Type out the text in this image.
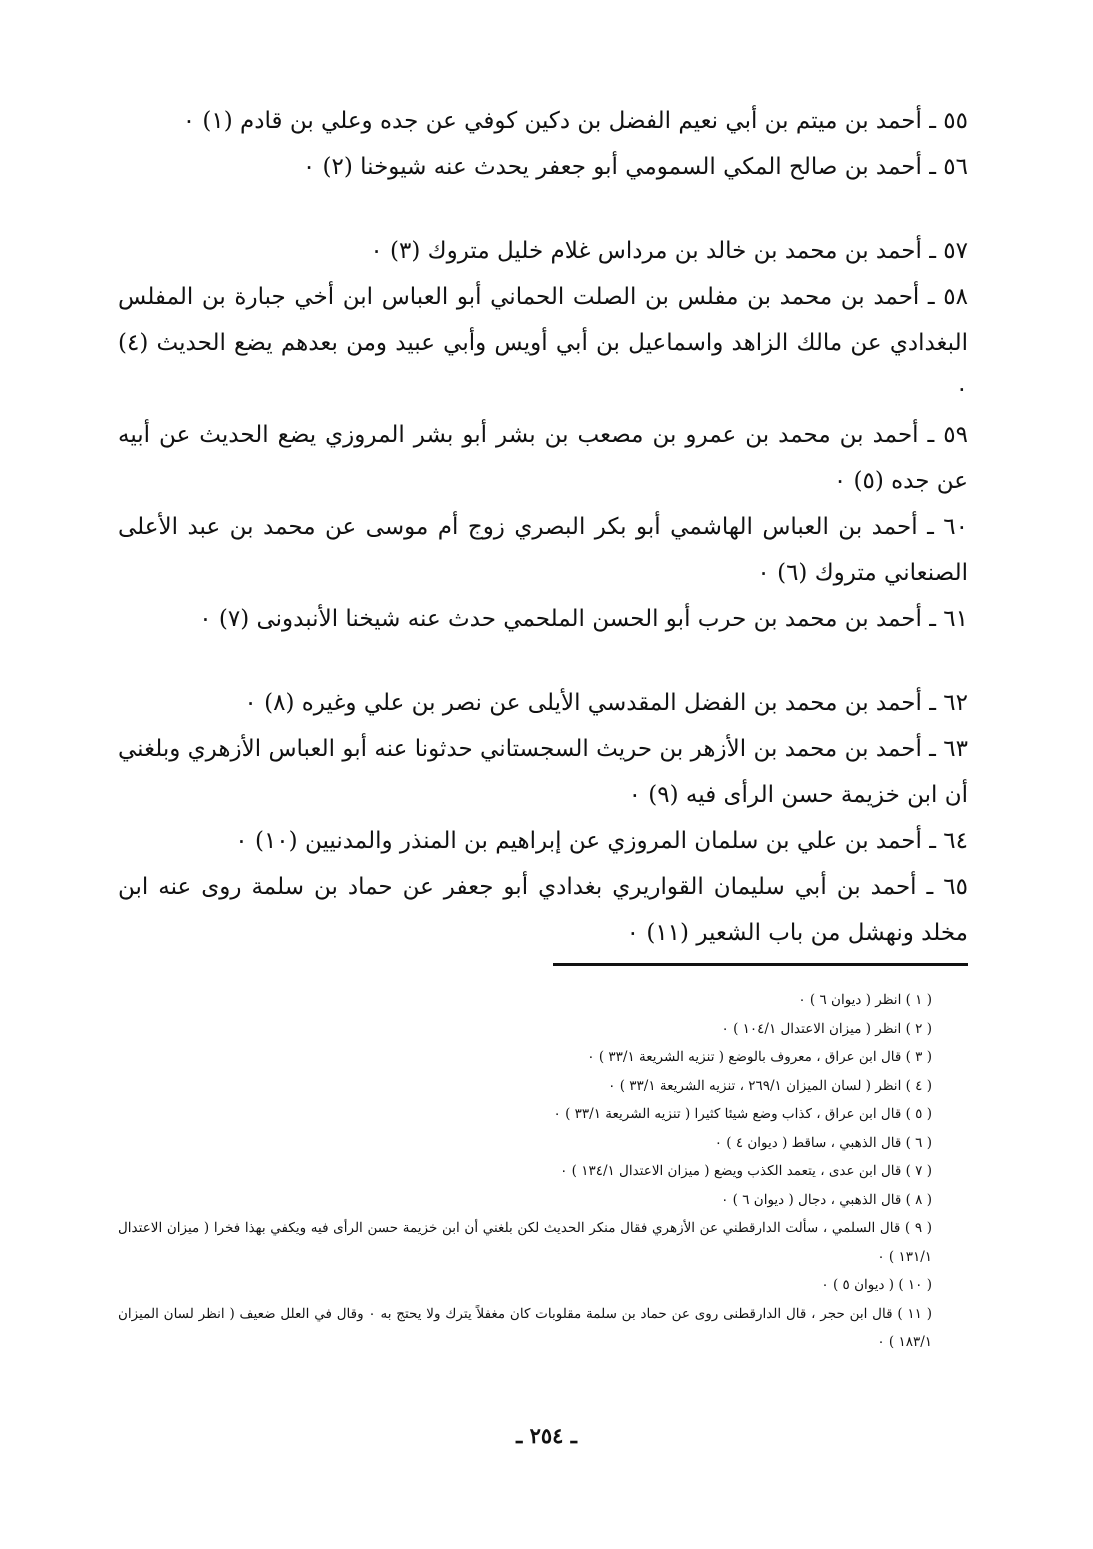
٥٥ ـ أحمد بن ميتم بن أبي نعيم الفضل بن دكين كوفي عن جده وعلي بن قادم (١) ٠

٥٦ ـ أحمد بن صالح المكي السمومي أبو جعفر يحدث عنه شيوخنا (٢) ٠

٥٧ ـ أحمد بن محمد بن خالد بن مرداس غلام خليل متروك (٣) ٠

٥٨ ـ أحمد بن محمد بن مفلس بن الصلت الحماني أبو العباس ابن أخي جبارة بن المفلس البغدادي عن مالك الزاهد واسماعيل بن أبي أويس وأبي عبيد ومن بعدهم يضع الحديث (٤) ٠

٥٩ ـ أحمد بن محمد بن عمرو بن مصعب بن بشر أبو بشر المروزي يضع الحديث عن أبيه عن جده (٥) ٠

٦٠ ـ أحمد بن العباس الهاشمي أبو بكر البصري زوج أم موسى عن محمد بن عبد الأعلى الصنعاني متروك (٦) ٠

٦١ ـ أحمد بن محمد بن حرب أبو الحسن الملحمي حدث عنه شيخنا الأنبدونى (٧) ٠

٦٢ ـ أحمد بن محمد بن الفضل المقدسي الأيلى عن نصر بن علي وغيره (٨) ٠

٦٣ ـ أحمد بن محمد بن الأزهر بن حريث السجستاني حدثونا عنه أبو العباس الأزهري وبلغني أن ابن خزيمة حسن الرأى فيه (٩) ٠

٦٤ ـ أحمد بن علي بن سلمان المروزي عن إبراهيم بن المنذر والمدنيين (١٠) ٠

٦٥ ـ أحمد بن أبي سليمان القواريري بغدادي أبو جعفر عن حماد بن سلمة روى عنه ابن مخلد ونهشل من باب الشعير (١١) ٠

( ١ ) انظر ( ديوان ٦ ) ٠

( ٢ ) انظر ( ميزان الاعتدال ١٠٤/١ ) ٠

( ٣ ) قال ابن عراق ، معروف بالوضع ( تنزيه الشريعة ٣٣/١ ) ٠

( ٤ ) انظر ( لسان الميزان ٢٦٩/١ ، تنزيه الشريعة ٣٣/١ ) ٠

( ٥ ) قال ابن عراق ، كذاب وضع شيئا كثيرا ( تنزيه الشريعة ٣٣/١ ) ٠

( ٦ ) قال الذهبي ، ساقط ( ديوان ٤ ) ٠

( ٧ ) قال ابن عدى ، يتعمد الكذب ويضع ( ميزان الاعتدال ١٣٤/١ ) ٠

( ٨ ) قال الذهبي ، دجال ( ديوان ٦ ) ٠

( ٩ ) قال السلمي ، سألت الدارقطني عن الأزهري فقال منكر الحديث لكن بلغني أن ابن خزيمة حسن الرأى فيه ويكفي بهذا فخرا ( ميزان الاعتدال ١٣١/١ ) ٠

( ١٠ ) ( ديوان ٥ ) ٠

( ١١ ) قال ابن حجر ، قال الدارقطنى روى عن حماد بن سلمة مقلوبات كان مغفلاً يترك ولا يحتج به ٠ وقال في العلل ضعيف ( انظر لسان الميزان ١٨٣/١ ) ٠

ـ ٢٥٤ ـ
